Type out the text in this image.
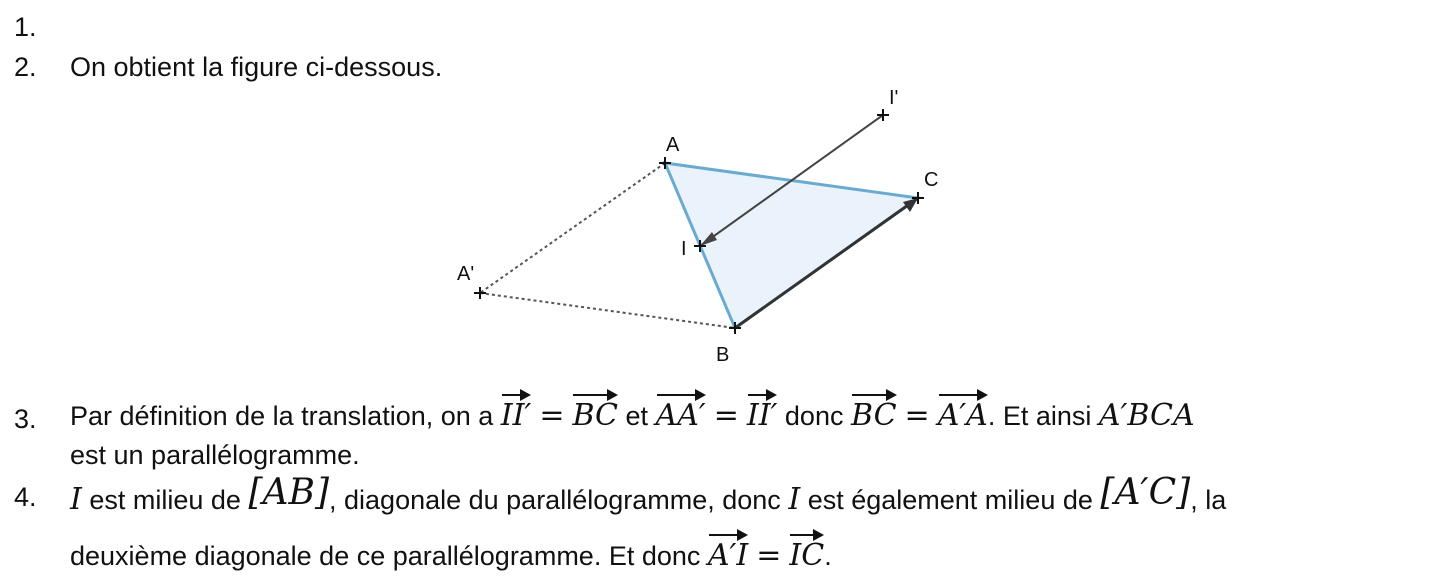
1.
2. On obtient la figure ci-dessous.
A
C
B
A'
I
I'
3. Par définition de la translation, on a II′ = BC et AA′ = II′ donc BC = A′A. Et ainsi A′BCA
est un parallélogramme.
4. I est milieu de [AB], diagonale du parallélogramme, donc I est également milieu de [A′C], la
deuxième diagonale de ce parallélogramme. Et donc A′I = IC.
